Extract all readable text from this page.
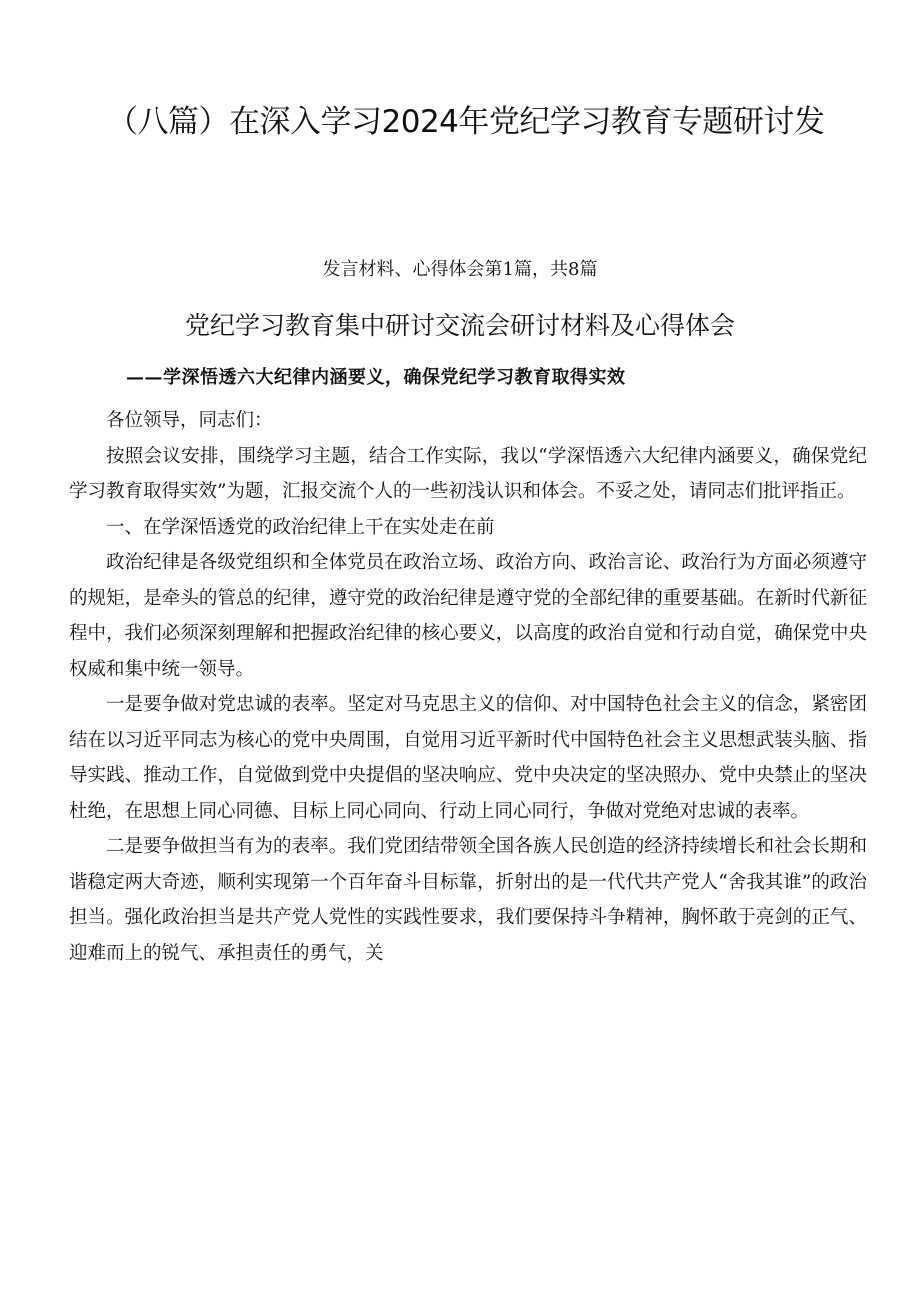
（八篇）在深入学习2024年党纪学习教育专题研讨发
发言材料、心得体会第1篇，共8篇
党纪学习教育集中研讨交流会研讨材料及心得体会
——学深悟透六大纪律内涵要义，确保党纪学习教育取得实效

各位领导，同志们：

按照会议安排，围绕学习主题，结合工作实际，我以“学深悟透六大纪律内涵要义，确保党纪学习教育取得实效”为题，汇报交流个人的一些初浅认识和体会。不妥之处，请同志们批评指正。

一、在学深悟透党的政治纪律上干在实处走在前

政治纪律是各级党组织和全体党员在政治立场、政治方向、政治言论、政治行为方面必须遵守的规矩，是牵头的管总的纪律，遵守党的政治纪律是遵守党的全部纪律的重要基础。在新时代新征程中，我们必须深刻理解和把握政治纪律的核心要义，以高度的政治自觉和行动自觉，确保党中央权威和集中统一领导。

一是要争做对党忠诚的表率。坚定对马克思主义的信仰、对中国特色社会主义的信念，紧密团结在以习近平同志为核心的党中央周围，自觉用习近平新时代中国特色社会主义思想武装头脑、指导实践、推动工作，自觉做到党中央提倡的坚决响应、党中央决定的坚决照办、党中央禁止的坚决杜绝，在思想上同心同德、目标上同心同向、行动上同心同行，争做对党绝对忠诚的表率。

二是要争做担当有为的表率。我们党团结带领全国各族人民创造的经济持续增长和社会长期和谐稳定两大奇迹，顺利实现第一个百年奋斗目标靠，折射出的是一代代共产党人“舍我其谁”的政治担当。强化政治担当是共产党人党性的实践性要求，我们要保持斗争精神，胸怀敢于亮剑的正气、迎难而上的锐气、承担责任的勇气，关
